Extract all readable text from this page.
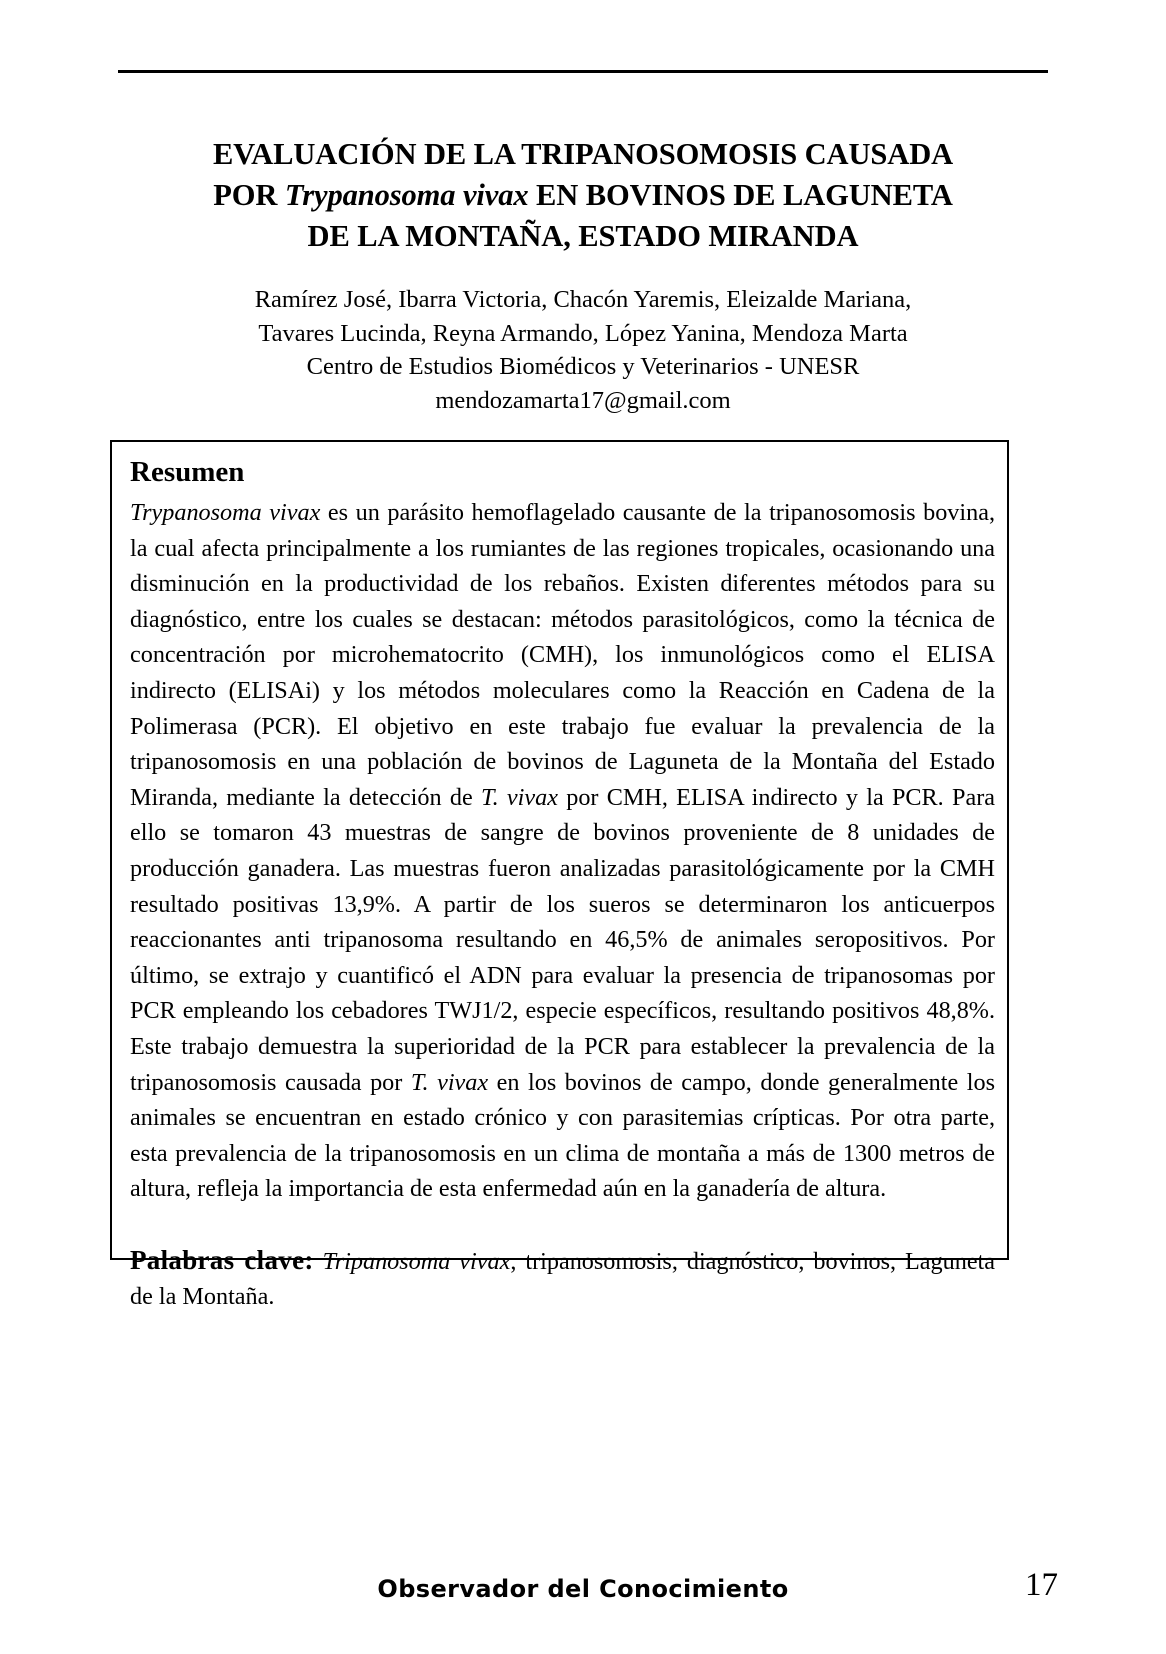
EVALUACIÓN DE LA TRIPANOSOMOSIS CAUSADA
POR Trypanosoma vivax EN BOVINOS DE LAGUNETA
DE LA MONTAÑA, ESTADO MIRANDA
Ramírez José, Ibarra Victoria, Chacón Yaremis, Eleizalde Mariana,
Tavares Lucinda, Reyna Armando, López Yanina, Mendoza Marta
Centro de Estudios Biomédicos y Veterinarios - UNESR
mendozamarta17@gmail.com
Resumen

Trypanosoma vivax es un parásito hemoflagelado causante de la tripanosomosis bovina, la cual afecta principalmente a los rumiantes de las regiones tropicales, ocasionando una disminución en la productividad de los rebaños. Existen diferentes métodos para su diagnóstico, entre los cuales se destacan: métodos parasitológicos, como la técnica de concentración por microhematocrito (CMH), los inmunológicos como el ELISA indirecto (ELISAi) y los métodos moleculares como la Reacción en Cadena de la Polimerasa (PCR). El objetivo en este trabajo fue evaluar la prevalencia de la tripanosomosis en una población de bovinos de Laguneta de la Montaña del Estado Miranda, mediante la detección de T. vivax por CMH, ELISA indirecto y la PCR. Para ello se tomaron 43 muestras de sangre de bovinos proveniente de 8 unidades de producción ganadera. Las muestras fueron analizadas parasitológicamente por la CMH resultado positivas 13,9%. A partir de los sueros se determinaron los anticuerpos reaccionantes anti tripanosoma resultando en 46,5% de animales seropositivos. Por último, se extrajo y cuantificó el ADN para evaluar la presencia de tripanosomas por PCR empleando los cebadores TWJ1/2, especie específicos, resultando positivos 48,8%. Este trabajo demuestra la superioridad de la PCR para establecer la prevalencia de la tripanosomosis causada por T. vivax en los bovinos de campo, donde generalmente los animales se encuentran en estado crónico y con parasitemias crípticas. Por otra parte, esta prevalencia de la tripanosomosis en un clima de montaña a más de 1300 metros de altura, refleja la importancia de esta enfermedad aún en la ganadería de altura.

Palabras clave: Tripanosoma vivax, tripanosomosis, diagnóstico, bovinos, Laguneta de la Montaña.

Observador del Conocimiento	17
